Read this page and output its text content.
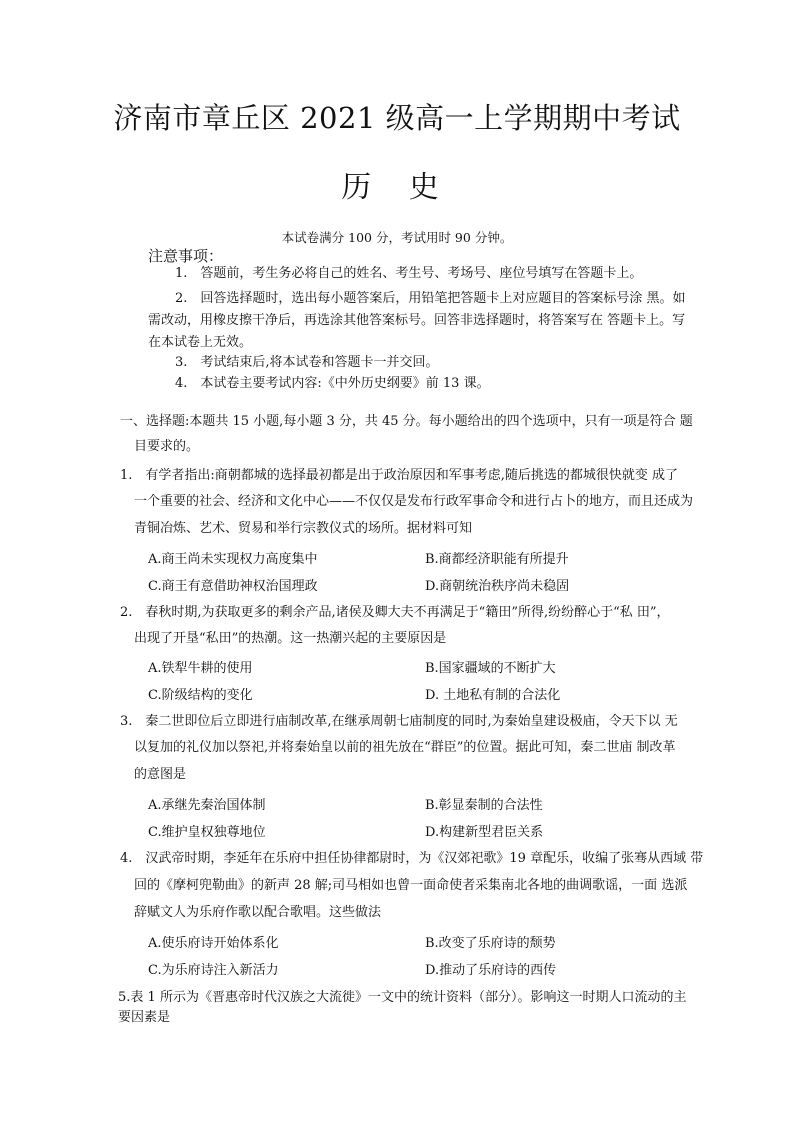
济南市章丘区 2021 级高一上学期期中考试
历 史
本试卷满分 100 分，考试用时 90 分钟。
注意事项：
1.　答题前，考生务必将自己的姓名、考生号、考场号、座位号填写在答题卡上。
2.　回答选择题时，选出每小题答案后，用铅笔把答题卡上对应题目的答案标号涂 黑。如
需改动，用橡皮擦干净后，再选涂其他答案标号。回答非选择题时，将答案写在 答题卡上。写
在本试卷上无效。
3.　考试结束后,将本试卷和答题卡一并交回。
4.　本试卷主要考试内容:《中外历史纲要》前 13 课。
一、选择题:本题共 15 小题,每小题 3 分，共 45 分。每小题给出的四个选项中，只有一项是符合 题
目要求的。
1.　有学者指出:商朝都城的选择最初都是出于政治原因和军事考虑,随后挑选的都城很快就变 成了
一个重要的社会、经济和文化中心——不仅仅是发布行政军事命令和进行占卜的地方，而且还成为
青铜冶炼、艺术、贸易和举行宗教仪式的场所。据材料可知
A.商王尚未实现权力高度集中	B.商都经济职能有所提升
C.商王有意借助神权治国理政	D.商朝统治秩序尚未稳固
2.　春秋时期,为获取更多的剩余产品,诸侯及卿大夫不再满足于“籍田”所得,纷纷醉心于“私 田”，
出现了开垦“私田”的热潮。这一热潮兴起的主要原因是
A.铁犁牛耕的使用	B.国家疆域的不断扩大
C.阶级结构的变化	D. 土地私有制的合法化
3.　秦二世即位后立即进行庙制改革,在继承周朝七庙制度的同时,为秦始皇建设极庙，令天下以 无
以复加的礼仪加以祭祀,并将秦始皇以前的祖先放在“群臣”的位置。据此可知，秦二世庙 制改革
的意图是
A.承继先秦治国体制	B.彰显秦制的合法性
C.维护皇权独尊地位	D.构建新型君臣关系
4.　汉武帝时期，李延年在乐府中担任协律都尉时，为《汉郊祀歌》19 章配乐，收编了张骞从西域 带
回的《摩柯兜勒曲》的新声 28 解;司马相如也曾一面命使者采集南北各地的曲调歌谣，一面 选派
辞赋文人为乐府作歌以配合歌唱。这些做法
A.使乐府诗开始体系化	B.改变了乐府诗的颓势
C.为乐府诗注入新活力	D.推动了乐府诗的西传
5.表 1 所示为《晋惠帝时代汉族之大流徙》一文中的统计资料（部分）。影响这一时期人口流动的主
要因素是
